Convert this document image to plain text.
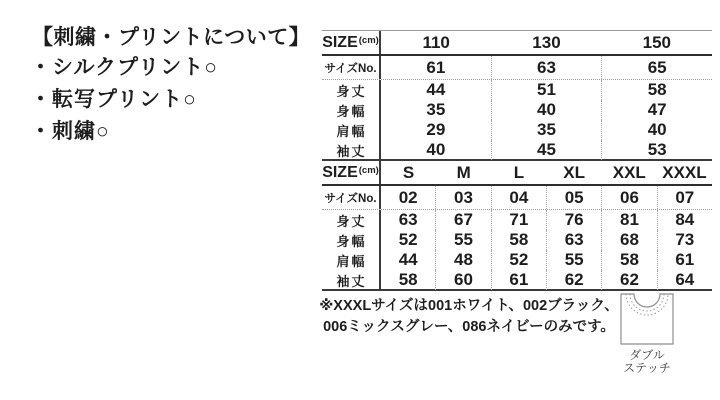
【刺繍・プリントについて】
・シルクプリント○
・転写プリント○
・刺繍○
SIZE (cm)	110	130	150
サイズNo.	61	63	65
身丈	44	51	58
身幅	35	40	47
肩幅	29	35	40
袖丈	40	45	53
SIZE (cm)	S	M	L	XL	XXL XXXL
サイズNo.	02	03	04	05	06	07
身丈	63	67	71	76	81	84
身幅	52	55	58	63	68	73
肩幅	44	48	52	55	58	61
袖丈	58	60	61	62	62	64
※XXXLサイズは001ホワイト、002ブラック、
006ミックスグレー、086ネイビーのみです。
ダブル
ステッチ
